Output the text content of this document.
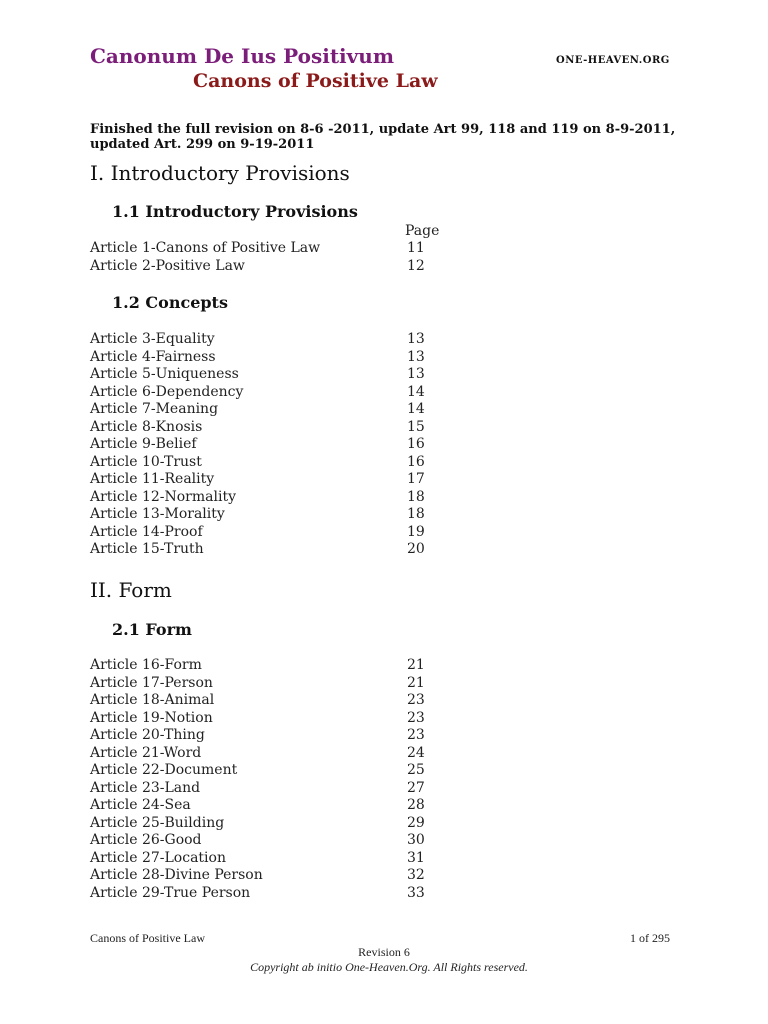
Canonum De Ius Positivum
Canons of Positive Law
ONE-HEAVEN.ORG
Finished the full revision on 8-6 -2011, update Art 99, 118 and 119 on 8-9-2011, updated Art. 299 on 9-19-2011
I. Introductory Provisions
1.1 Introductory Provisions
Page
Article 1-Canons of Positive Law	11
Article 2-Positive Law	12
1.2 Concepts
Article 3-Equality	13
Article 4-Fairness	13
Article 5-Uniqueness	13
Article 6-Dependency	14
Article 7-Meaning	14
Article 8-Knosis	15
Article 9-Belief	16
Article 10-Trust	16
Article 11-Reality	17
Article 12-Normality	18
Article 13-Morality	18
Article 14-Proof	19
Article 15-Truth	20
II. Form
2.1 Form
Article 16-Form	21
Article 17-Person	21
Article 18-Animal	23
Article 19-Notion	23
Article 20-Thing	23
Article 21-Word	24
Article 22-Document	25
Article 23-Land	27
Article 24-Sea	28
Article 25-Building	29
Article 26-Good	30
Article 27-Location	31
Article 28-Divine Person	32
Article 29-True Person	33
Canons of Positive Law	1 of 295
Revision 6
Copyright ab initio One-Heaven.Org. All Rights reserved.
